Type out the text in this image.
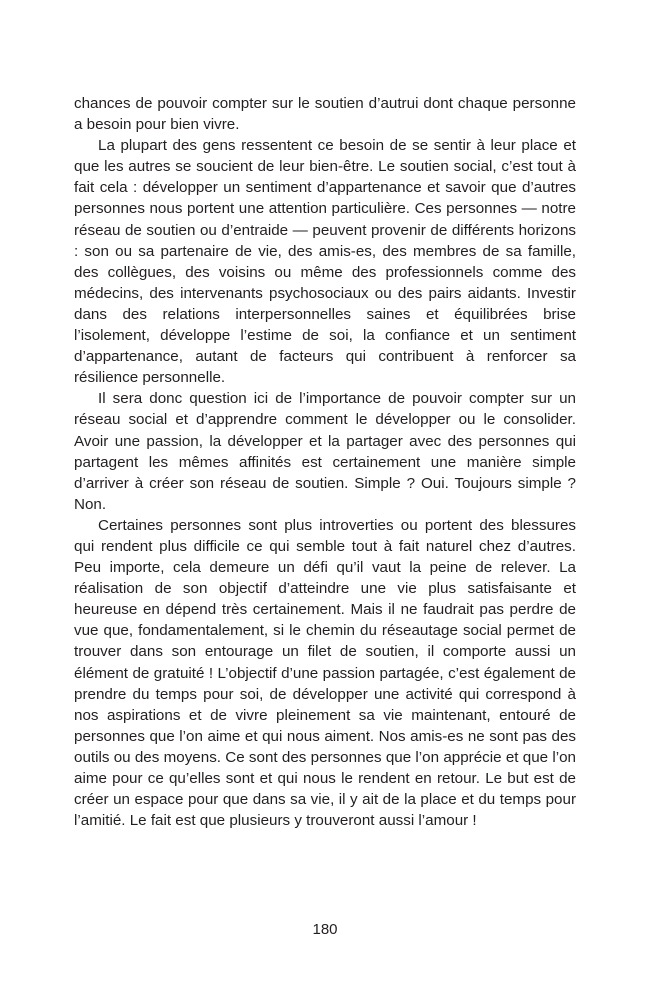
chances de pouvoir compter sur le soutien d’autrui dont chaque personne a besoin pour bien vivre.

La plupart des gens ressentent ce besoin de se sentir à leur place et que les autres se soucient de leur bien-être. Le soutien social, c’est tout à fait cela : développer un sentiment d’appartenance et savoir que d’autres personnes nous portent une attention particulière. Ces personnes — notre réseau de soutien ou d’entraide — peuvent provenir de différents horizons : son ou sa partenaire de vie, des amis-es, des membres de sa famille, des collègues, des voisins ou même des professionnels comme des médecins, des intervenants psychosociaux ou des pairs aidants. Investir dans des relations interpersonnelles saines et équilibrées brise l’isolement, développe l’estime de soi, la confiance et un sentiment d’appartenance, autant de facteurs qui contribuent à renforcer sa résilience personnelle.

Il sera donc question ici de l’importance de pouvoir compter sur un réseau social et d’apprendre comment le développer ou le consolider. Avoir une passion, la développer et la partager avec des personnes qui partagent les mêmes affinités est certainement une manière simple d’arriver à créer son réseau de soutien. Simple ? Oui. Toujours simple ? Non.

Certaines personnes sont plus introverties ou portent des blessures qui rendent plus difficile ce qui semble tout à fait naturel chez d’autres. Peu importe, cela demeure un défi qu’il vaut la peine de relever. La réalisation de son objectif d’atteindre une vie plus satisfaisante et heureuse en dépend très certainement. Mais il ne faudrait pas perdre de vue que, fondamentalement, si le chemin du réseautage social permet de trouver dans son entourage un filet de soutien, il comporte aussi un élément de gratuité ! L’objectif d’une passion partagée, c’est également de prendre du temps pour soi, de développer une activité qui correspond à nos aspirations et de vivre pleinement sa vie maintenant, entouré de personnes que l’on aime et qui nous aiment. Nos amis-es ne sont pas des outils ou des moyens. Ce sont des personnes que l’on apprécie et que l’on aime pour ce qu’elles sont et qui nous le rendent en retour. Le but est de créer un espace pour que dans sa vie, il y ait de la place et du temps pour l’amitié. Le fait est que plusieurs y trouveront aussi l’amour !

180
